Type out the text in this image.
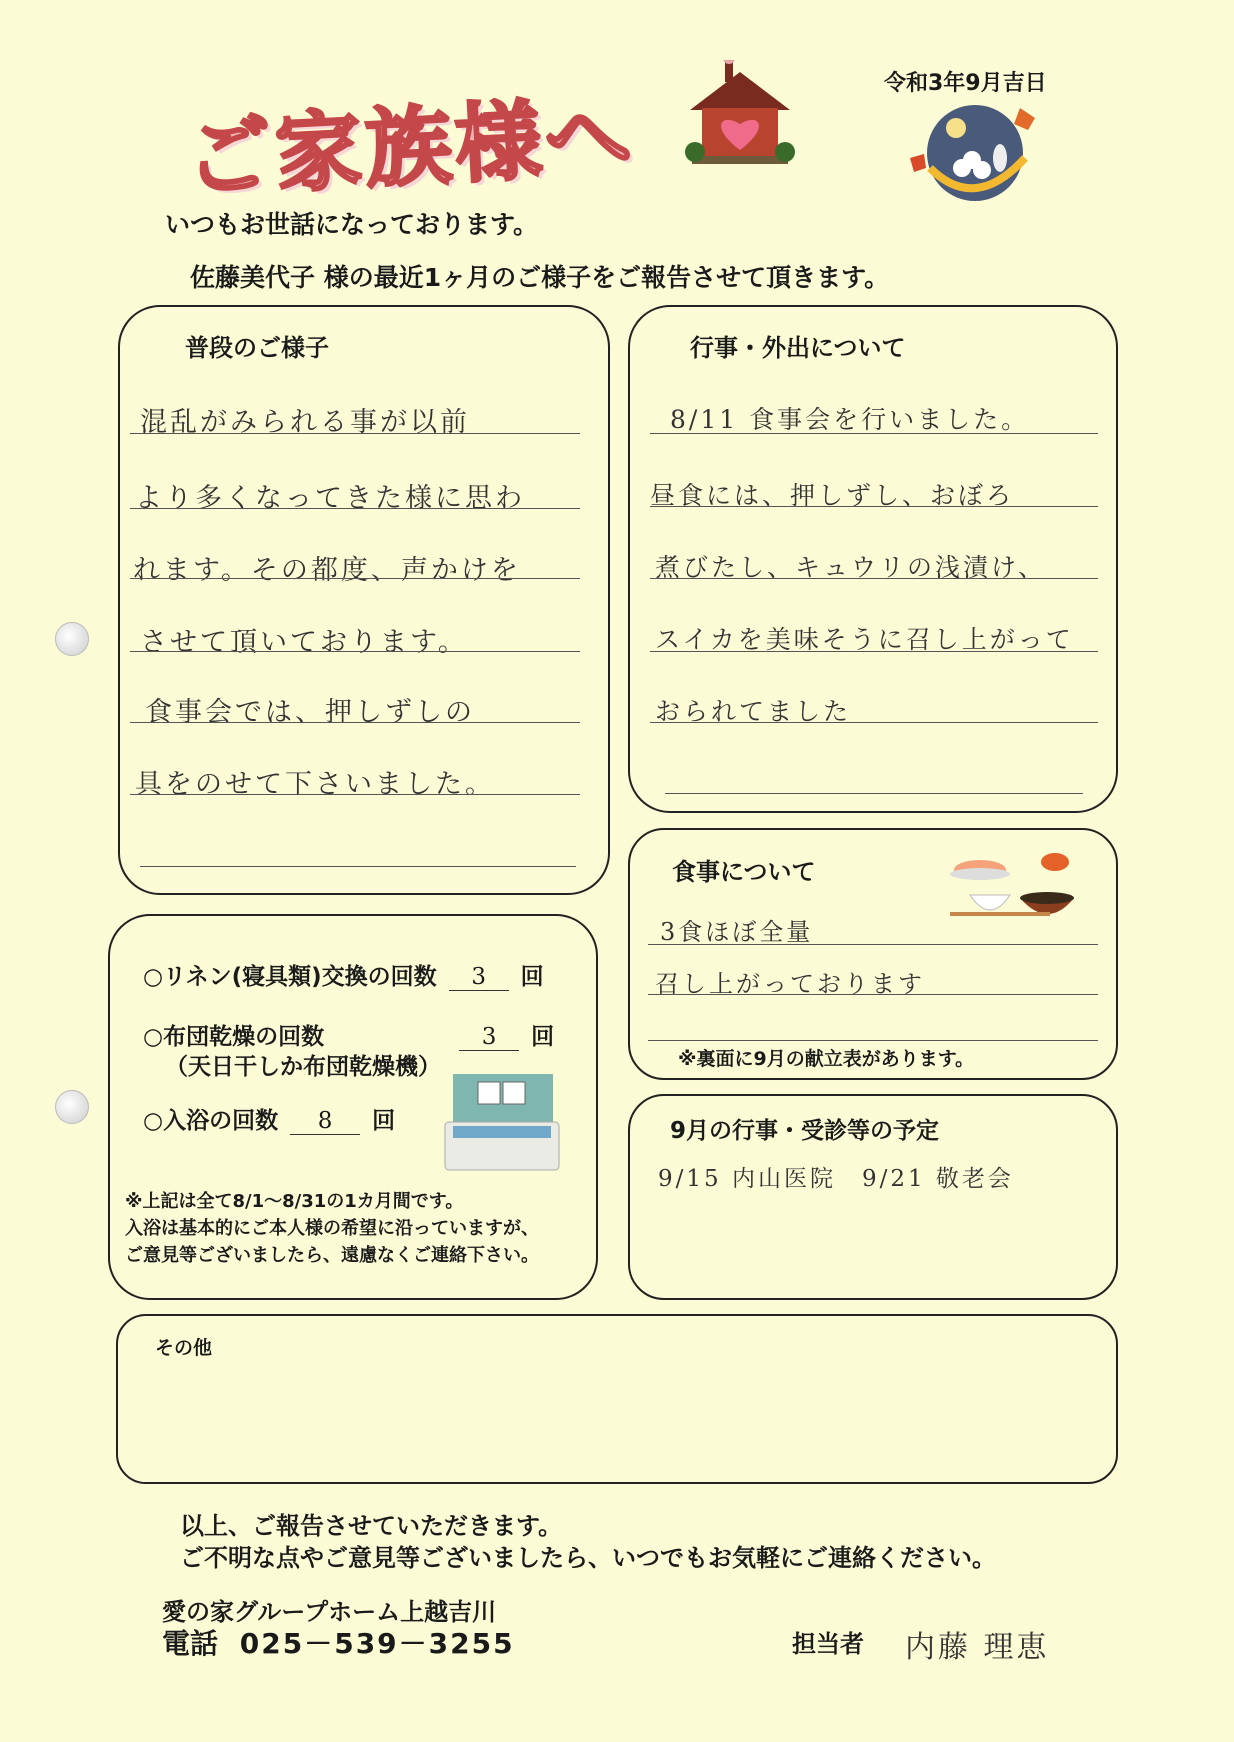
ご家族様へ
令和3年9月吉日
いつもお世話になっております。
佐藤美代子 様の最近1ヶ月のご様子をご報告させて頂きます。
普段のご様子
混乱がみられる事が以前
より多くなってきた様に思わ
れます。その都度、声かけを
させて頂いております。
食事会では、押しずしの
具をのせて下さいました。
行事・外出について
8/11 食事会を行いました。
昼食には、押しずし、おぼろ
煮びたし、キュウリの浅漬け、
スイカを美味そうに召し上がって
おられてました
食事について
3食ほぼ全量
召し上がっております
※裏面に9月の献立表があります。
○リネン(寝具類)交換の回数 3 回
○布団乾燥の回数	3 回
（天日干しか布団乾燥機）
○入浴の回数 8 回
※上記は全て8/1～8/31の1カ月間です。
入浴は基本的にご本人様の希望に沿っていますが、
ご意見等ございましたら、遠慮なくご連絡下さい。
9月の行事・受診等の予定
9/15 内山医院　9/21 敬老会
その他
以上、ご報告させていただきます。
ご不明な点やご意見等ございましたら、いつでもお気軽にご連絡ください。
愛の家グループホーム上越吉川
電話 025－539－3255	担当者 内藤 理恵
